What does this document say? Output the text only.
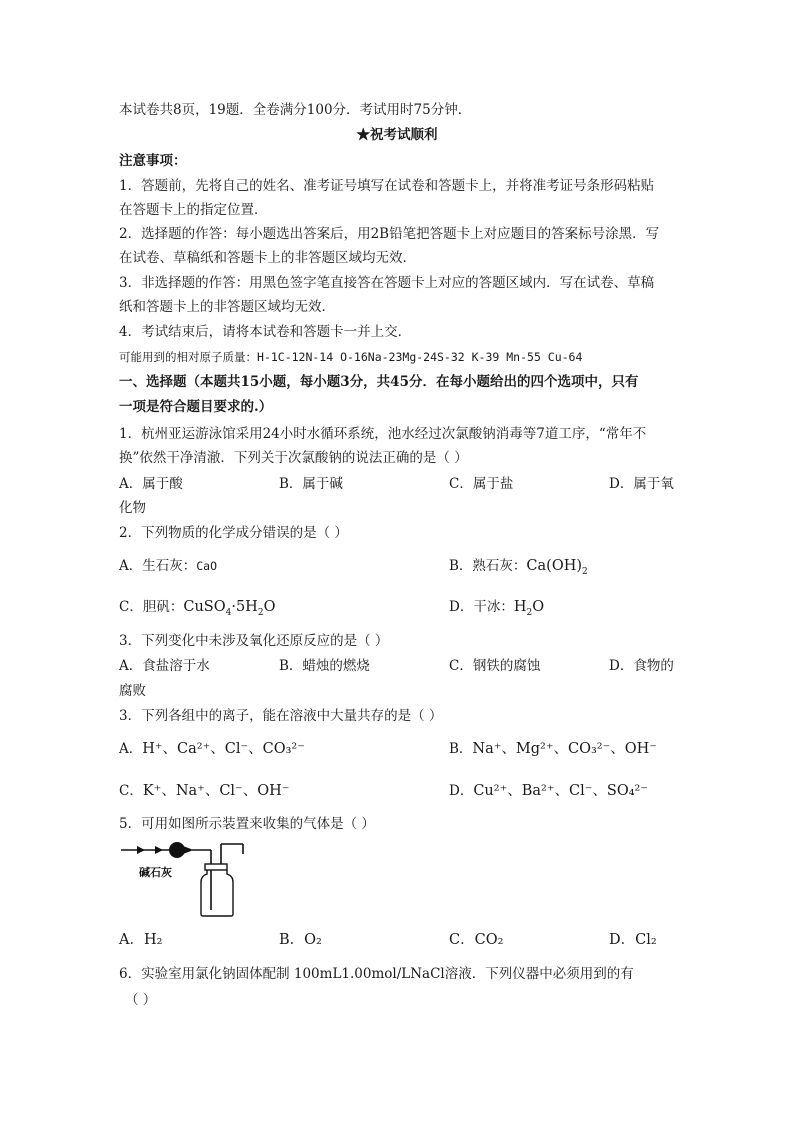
本试卷共8页，19题．全卷满分100分．考试用时75分钟．
★祝考试顺利
注意事项：
1．答题前，先将自己的姓名、准考证号填写在试卷和答题卡上，并将准考证号条形码粘贴
在答题卡上的指定位置．
2．选择题的作答：每小题选出答案后，用2B铅笔把答题卡上对应题目的答案标号涂黑．写
在试卷、草稿纸和答题卡上的非答题区域均无效．
3．非选择题的作答：用黑色签字笔直接答在答题卡上对应的答题区域内．写在试卷、草稿
纸和答题卡上的非答题区域均无效．
4．考试结束后，请将本试卷和答题卡一并上交．
可能用到的相对原子质量：H-1C-12N-14 O-16Na-23Mg-24S-32 K-39 Mn-55 Cu-64
一、选择题（本题共15小题，每小题3分，共45分．在每小题给出的四个选项中，只有
一项是符合题目要求的.）
1．杭州亚运游泳馆采用24小时水循环系统，池水经过次氯酸钠消毒等7道工序，“常年不
换”依然干净清澈．下列关于次氯酸钠的说法正确的是（ ）
A．属于酸	B．属于碱	C．属于盐	D．属于氧
化物
2．下列物质的化学成分错误的是（ ）
A．生石灰：CaO	B．熟石灰：$Ca(OH)_2$
C．胆矾：$CuSO_4\cdot 5H_2O$	D．干冰：$H_2O$
3．下列变化中未涉及氧化还原反应的是（ ）
A．食盐溶于水	B．蜡烛的燃烧	C．钢铁的腐蚀	D．食物的
腐败
3．下列各组中的离子，能在溶液中大量共存的是（ ）
A．H⁺、Ca²⁺、Cl⁻、CO₃²⁻	B．Na⁺、Mg²⁺、CO₃²⁻、OH⁻
C．K⁺、Na⁺、Cl⁻、OH⁻	D．Cu²⁺、Ba²⁺、Cl⁻、SO₄²⁻
5．可用如图所示装置来收集的气体是（ ）
碱石灰
A．H₂	B．O₂	C．CO₂	D．Cl₂
6．实验室用氯化钠固体配制 100mL1.00mol/LNaCl溶液．下列仪器中必须用到的有
（ ）
